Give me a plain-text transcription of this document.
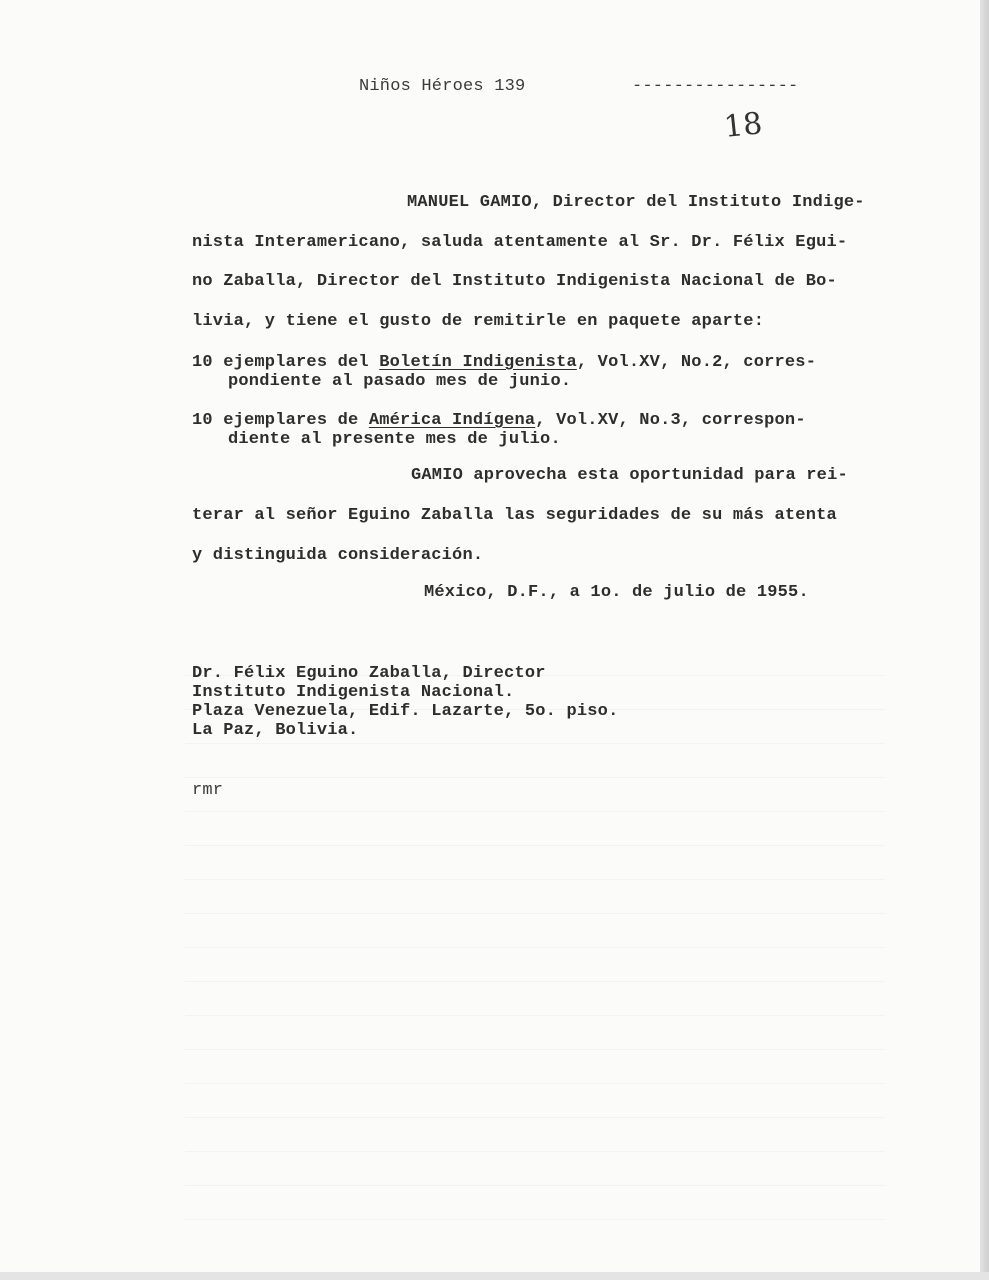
Niños Héroes 139	----------------
18
MANUEL GAMIO, Director del Instituto Indige-
nista Interamericano, saluda atentamente al Sr. Dr. Félix Egui-
no Zaballa, Director del Instituto Indigenista Nacional de Bo-
livia, y tiene el gusto de remitirle en paquete aparte:
10 ejemplares del Boletín Indigenista, Vol.XV, No.2, corres-
pondiente al pasado mes de junio.
10 ejemplares de América Indígena, Vol.XV, No.3, correspon-
diente al presente mes de julio.
GAMIO aprovecha esta oportunidad para rei-
terar al señor Eguino Zaballa las seguridades de su más atenta
y distinguida consideración.
México, D.F., a 1o. de julio de 1955.
Dr. Félix Eguino Zaballa, Director
Instituto Indigenista Nacional.
Plaza Venezuela, Edif. Lazarte, 5o. piso.
La Paz, Bolivia.
rmr
